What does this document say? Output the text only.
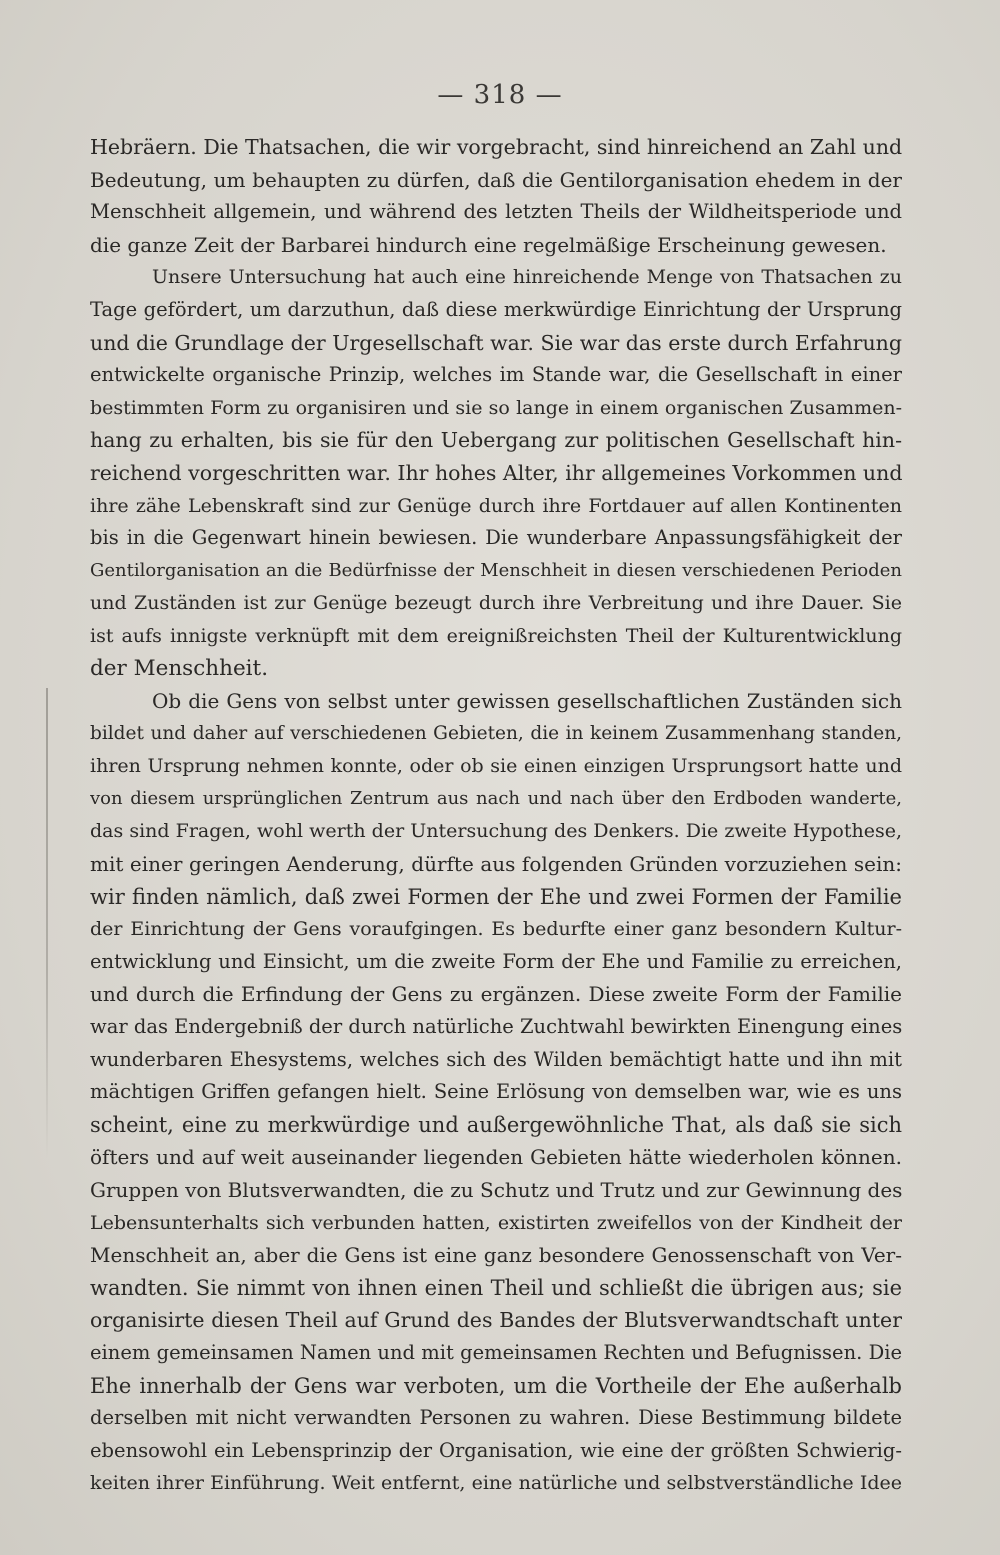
— 318 —
Hebräern. Die Thatsachen, die wir vorgebracht, sind hinreichend an Zahl und
Bedeutung, um behaupten zu dürfen, daß die Gentilorganisation ehedem in der
Menschheit allgemein, und während des letzten Theils der Wildheitsperiode und
die ganze Zeit der Barbarei hindurch eine regelmäßige Erscheinung gewesen.
Unsere Untersuchung hat auch eine hinreichende Menge von Thatsachen zu
Tage gefördert, um darzuthun, daß diese merkwürdige Einrichtung der Ursprung
und die Grundlage der Urgesellschaft war. Sie war das erste durch Erfahrung
entwickelte organische Prinzip, welches im Stande war, die Gesellschaft in einer
bestimmten Form zu organisiren und sie so lange in einem organischen Zusammen-
hang zu erhalten, bis sie für den Uebergang zur politischen Gesellschaft hin-
reichend vorgeschritten war. Ihr hohes Alter, ihr allgemeines Vorkommen und
ihre zähe Lebenskraft sind zur Genüge durch ihre Fortdauer auf allen Kontinenten
bis in die Gegenwart hinein bewiesen. Die wunderbare Anpassungsfähigkeit der
Gentilorganisation an die Bedürfnisse der Menschheit in diesen verschiedenen Perioden
und Zuständen ist zur Genüge bezeugt durch ihre Verbreitung und ihre Dauer. Sie
ist aufs innigste verknüpft mit dem ereignißreichsten Theil der Kulturentwicklung
der Menschheit.
Ob die Gens von selbst unter gewissen gesellschaftlichen Zuständen sich
bildet und daher auf verschiedenen Gebieten, die in keinem Zusammenhang standen,
ihren Ursprung nehmen konnte, oder ob sie einen einzigen Ursprungsort hatte und
von diesem ursprünglichen Zentrum aus nach und nach über den Erdboden wanderte,
das sind Fragen, wohl werth der Untersuchung des Denkers. Die zweite Hypothese,
mit einer geringen Aenderung, dürfte aus folgenden Gründen vorzuziehen sein:
wir finden nämlich, daß zwei Formen der Ehe und zwei Formen der Familie
der Einrichtung der Gens voraufgingen. Es bedurfte einer ganz besondern Kultur-
entwicklung und Einsicht, um die zweite Form der Ehe und Familie zu erreichen,
und durch die Erfindung der Gens zu ergänzen. Diese zweite Form der Familie
war das Endergebniß der durch natürliche Zuchtwahl bewirkten Einengung eines
wunderbaren Ehesystems, welches sich des Wilden bemächtigt hatte und ihn mit
mächtigen Griffen gefangen hielt. Seine Erlösung von demselben war, wie es uns
scheint, eine zu merkwürdige und außergewöhnliche That, als daß sie sich
öfters und auf weit auseinander liegenden Gebieten hätte wiederholen können.
Gruppen von Blutsverwandten, die zu Schutz und Trutz und zur Gewinnung des
Lebensunterhalts sich verbunden hatten, existirten zweifellos von der Kindheit der
Menschheit an, aber die Gens ist eine ganz besondere Genossenschaft von Ver-
wandten. Sie nimmt von ihnen einen Theil und schließt die übrigen aus; sie
organisirte diesen Theil auf Grund des Bandes der Blutsverwandtschaft unter
einem gemeinsamen Namen und mit gemeinsamen Rechten und Befugnissen. Die
Ehe innerhalb der Gens war verboten, um die Vortheile der Ehe außerhalb
derselben mit nicht verwandten Personen zu wahren. Diese Bestimmung bildete
ebensowohl ein Lebensprinzip der Organisation, wie eine der größten Schwierig-
keiten ihrer Einführung. Weit entfernt, eine natürliche und selbstverständliche Idee
